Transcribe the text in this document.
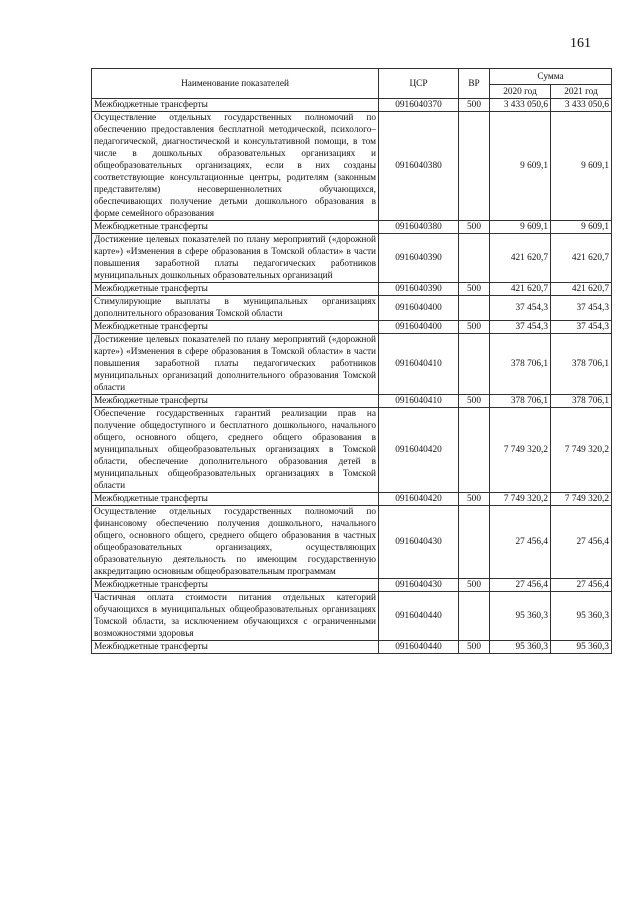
161
Наименование показателей	ЦСР	ВР	Сумма	
			2020 год	2021 год
Межбюджетные трансферты	0916040370	500	3 433 050,6	3 433 050,6
Осуществление отдельных государственных полномочий по обеспечению предоставления бесплатной методической, психолого–педагогической, диагностической и консультативной помощи, в том числе в дошкольных образовательных организациях и общеобразовательных организациях, если в них созданы соответствующие консультационные центры, родителям (законным представителям) несовершеннолетних обучающихся, обеспечивающих получение детьми дошкольного образования в форме семейного образования	0916040380		9 609,1	9 609,1
Межбюджетные трансферты	0916040380	500	9 609,1	9 609,1
Достижение целевых показателей по плану мероприятий («дорожной карте») «Изменения в сфере образования в Томской области» в части повышения заработной платы педагогических работников муниципальных дошкольных образовательных организаций	0916040390		421 620,7	421 620,7
Межбюджетные трансферты	0916040390	500	421 620,7	421 620,7
Стимулирующие выплаты в муниципальных организациях дополнительного образования Томской области	0916040400		37 454,3	37 454,3
Межбюджетные трансферты	0916040400	500	37 454,3	37 454,3
Достижение целевых показателей по плану мероприятий («дорожной карте») «Изменения в сфере образования в Томской области» в части повышения заработной платы педагогических работников муниципальных организаций дополнительного образования Томской области	0916040410		378 706,1	378 706,1
Межбюджетные трансферты	0916040410	500	378 706,1	378 706,1
Обеспечение государственных гарантий реализации прав на получение общедоступного и бесплатного дошкольного, начального общего, основного общего, среднего общего образования в муниципальных общеобразовательных организациях в Томской области, обеспечение дополнительного образования детей в муниципальных общеобразовательных организациях в Томской области	0916040420		7 749 320,2	7 749 320,2
Межбюджетные трансферты	0916040420	500	7 749 320,2	7 749 320,2
Осуществление отдельных государственных полномочий по финансовому обеспечению получения дошкольного, начального общего, основного общего, среднего общего образования в частных общеобразовательных организациях, осуществляющих образовательную деятельность по имеющим государственную аккредитацию основным общеобразовательным программам	0916040430		27 456,4	27 456,4
Межбюджетные трансферты	0916040430	500	27 456,4	27 456,4
Частичная оплата стоимости питания отдельных категорий обучающихся в муниципальных общеобразовательных организациях Томской области, за исключением обучающихся с ограниченными возможностями здоровья	0916040440		95 360,3	95 360,3
Межбюджетные трансферты	0916040440	500	95 360,3	95 360,3
